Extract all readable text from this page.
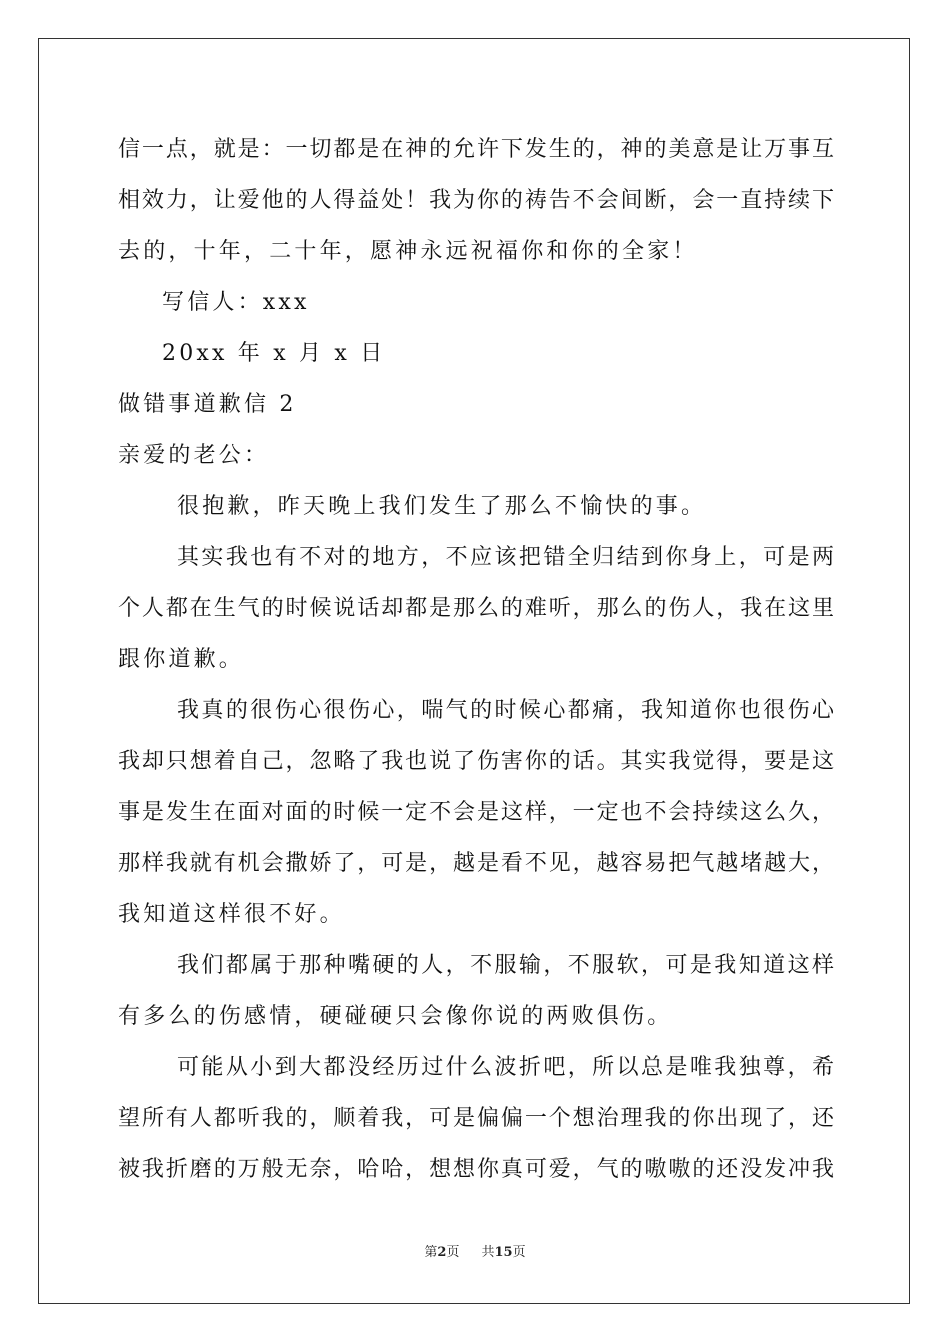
信一点，就是：一切都是在神的允许下发生的，神的美意是让万事互
相效力，让爱他的人得益处！我为你的祷告不会间断，会一直持续下
去的，十年，二十年，愿神永远祝福你和你的全家！
写信人：xxx
20xx 年 x 月 x 日
做错事道歉信 2
亲爱的老公：
很抱歉，昨天晚上我们发生了那么不愉快的事。
其实我也有不对的地方，不应该把错全归结到你身上，可是两
个人都在生气的时候说话却都是那么的难听，那么的伤人，我在这里
跟你道歉。
我真的很伤心很伤心，喘气的时候心都痛，我知道你也很伤心
我却只想着自己，忽略了我也说了伤害你的话。其实我觉得，要是这
事是发生在面对面的时候一定不会是这样，一定也不会持续这么久，
那样我就有机会撒娇了，可是，越是看不见，越容易把气越堵越大，
我知道这样很不好。
我们都属于那种嘴硬的人，不服输，不服软，可是我知道这样
有多么的伤感情，硬碰硬只会像你说的两败俱伤。
可能从小到大都没经历过什么波折吧，所以总是唯我独尊，希
望所有人都听我的，顺着我，可是偏偏一个想治理我的你出现了，还
被我折磨的万般无奈，哈哈，想想你真可爱，气的嗷嗷的还没发冲我
第2页 共15页
